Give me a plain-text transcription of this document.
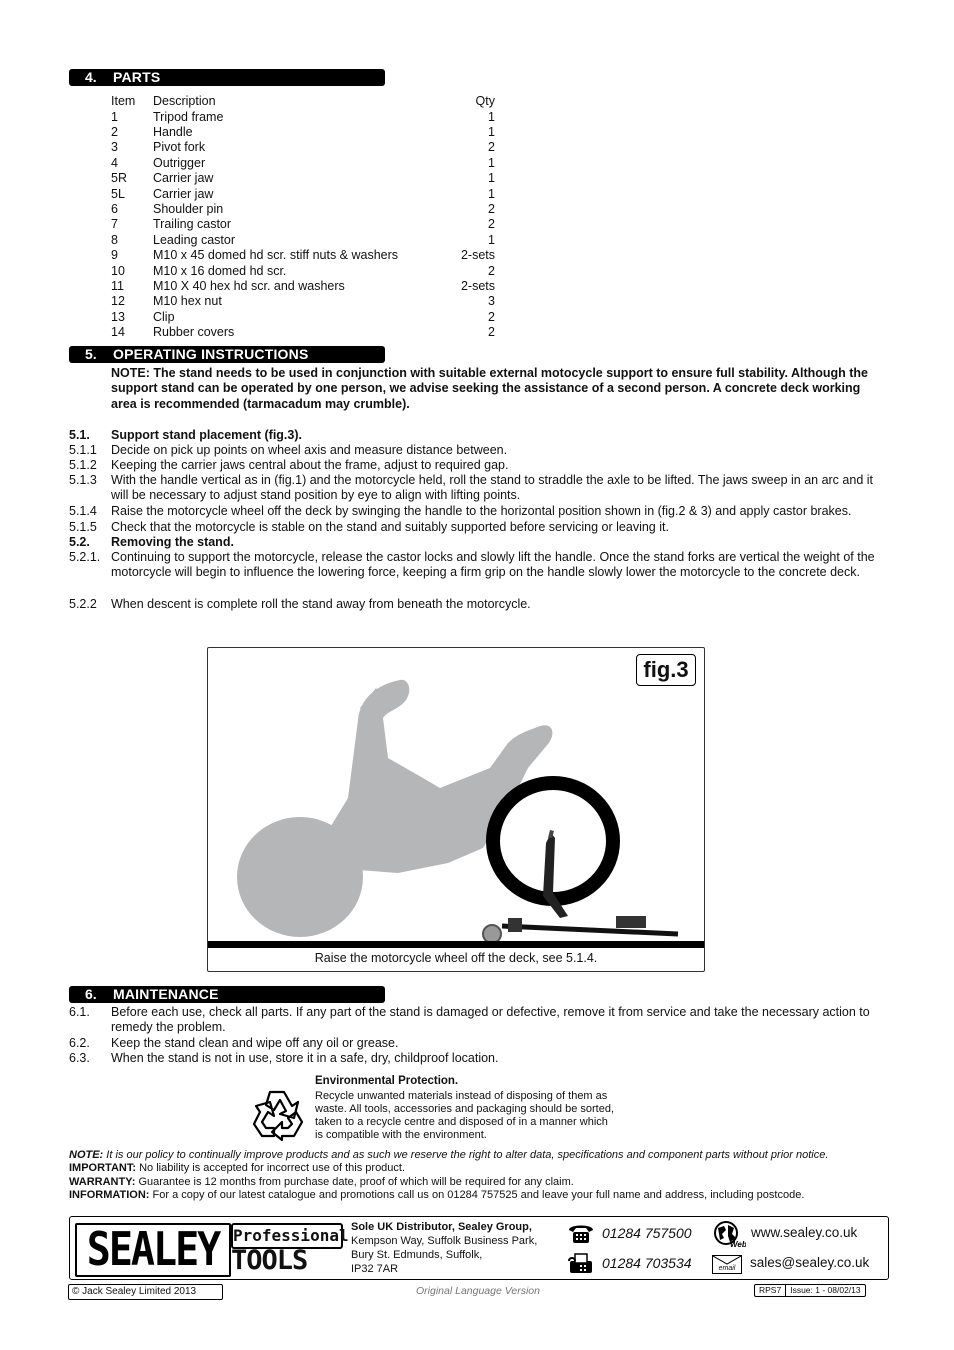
4. PARTS
Item Description	Qty
1	Tripod frame	1
2	Handle	1
3	Pivot fork	2
4	Outrigger	1
5R Carrier jaw	1
5L Carrier jaw	1
6	Shoulder pin	2
7	Trailing castor	2
8	Leading castor	1
9	M10 x 45 domed hd scr. stiff nuts & washers	2-sets
10 M10 x 16 domed hd scr.	2
11 M10 X 40 hex hd scr. and washers	2-sets
12 M10 hex nut	3
13 Clip	2
14 Rubber covers	2
5. OPERATING INSTRUCTIONS
NOTE: The stand needs to be used in conjunction with suitable external motocycle support to ensure full stability. Although the support stand can be operated by one person, we advise seeking the assistance of a second person. A concrete deck working area is recommended (tarmacadum may crumble).
5.1. Support stand placement (fig.3).
5.1.1 Decide on pick up points on wheel axis and measure distance between.
5.1.2 Keeping the carrier jaws central about the frame, adjust to required gap.
5.1.3 With the handle vertical as in (fig.1) and the motorcycle held, roll the stand to straddle the axle to be lifted. The jaws sweep in an arc and it will be necessary to adjust stand position by eye to align with lifting points.
5.1.4 Raise the motorcycle wheel off the deck by swinging the handle to the horizontal position shown in (fig.2 & 3) and apply castor brakes.
5.1.5 Check that the motorcycle is stable on the stand and suitably supported before servicing or leaving it.
5.2. Removing the stand.
5.2.1. Continuing to support the motorcycle, release the castor locks and slowly lift the handle. Once the stand forks are vertical the weight of the motorcycle will begin to influence the lowering force, keeping a firm grip on the handle slowly lower the motorcycle to the concrete deck.
5.2.2 When descent is complete roll the stand away from beneath the motorcycle.
fig.3
Raise the motorcycle wheel off the deck, see 5.1.4.
6. MAINTENANCE
6.1. Before each use, check all parts. If any part of the stand is damaged or defective, remove it from service and take the necessary action to remedy the problem.
6.2. Keep the stand clean and wipe off any oil or grease.
6.3. When the stand is not in use, store it in a safe, dry, childproof location.
Environmental Protection.
Recycle unwanted materials instead of disposing of them as
waste. All tools, accessories and packaging should be sorted,
taken to a recycle centre and disposed of in a manner which
is compatible with the environment.
NOTE: It is our policy to continually improve products and as such we reserve the right to alter data, specifications and component parts without prior notice.
IMPORTANT: No liability is accepted for incorrect use of this product.
WARRANTY: Guarantee is 12 months from purchase date, proof of which will be required for any claim.
INFORMATION: For a copy of our latest catalogue and promotions call us on 01284 757525 and leave your full name and address, including postcode.
SEALEY Professional
TOOLS
Sole UK Distributor, Sealey Group,
Kempson Way, Suffolk Business Park,
Bury St. Edmunds, Suffolk,
IP32 7AR
01284 757500
01284 703534
Web
www.sealey.co.uk
email	sales@sealey.co.uk
© Jack Sealey Limited 2013	Original Language Version	RPS7	Issue: 1 - 08/02/13
